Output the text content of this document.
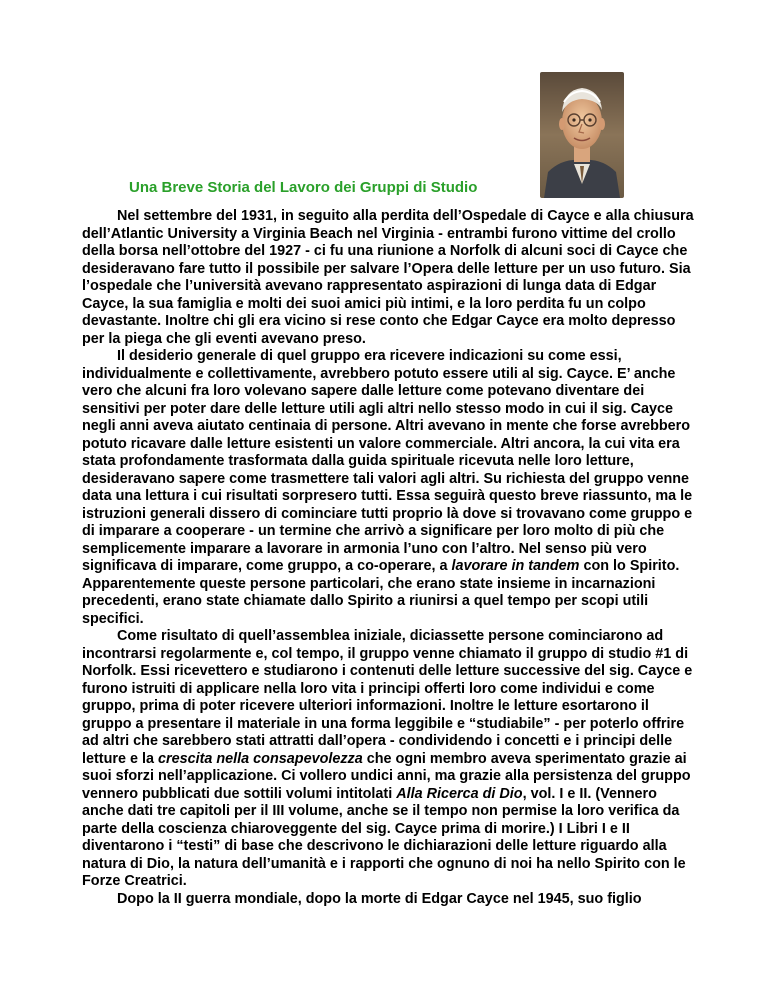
Una Breve Storia del Lavoro dei Gruppi di Studio

Nel settembre del 1931, in seguito alla perdita dell’Ospedale di Cayce e alla chiusura dell’Atlantic University a Virginia Beach nel Virginia - entrambi furono vittime del crollo della borsa nell’ottobre del 1927 - ci fu una riunione a Norfolk di alcuni soci di Cayce che desideravano fare tutto il possibile per salvare l’Opera delle letture per un uso futuro. Sia l’ospedale che l’università avevano rappresentato aspirazioni di lunga data di Edgar Cayce, la sua famiglia e molti dei suoi amici più intimi, e la loro perdita fu un colpo devastante. Inoltre chi gli era vicino si rese conto che Edgar Cayce era molto depresso per la piega che gli eventi avevano preso.

Il desiderio generale di quel gruppo era ricevere indicazioni su come essi, individualmente e collettivamente, avrebbero potuto essere utili al sig. Cayce. E’ anche vero che alcuni fra loro volevano sapere dalle letture come potevano diventare dei sensitivi per poter dare delle letture utili agli altri nello stesso modo in cui il sig. Cayce negli anni aveva aiutato centinaia di persone. Altri avevano in mente che forse avrebbero potuto ricavare dalle letture esistenti un valore commerciale. Altri ancora, la cui vita era stata profondamente trasformata dalla guida spirituale ricevuta nelle loro letture, desideravano sapere come trasmettere tali valori agli altri. Su richiesta del gruppo venne data una lettura i cui risultati sorpresero tutti. Essa seguirà questo breve riassunto, ma le istruzioni generali dissero di cominciare tutti proprio là dove si trovavano come gruppo e di imparare a cooperare - un termine che arrivò a significare per loro molto di più che semplicemente imparare a lavorare in armonia l’uno con l’altro. Nel senso più vero significava di imparare, come gruppo, a co-operare, a lavorare in tandem con lo Spirito. Apparentemente queste persone particolari, che erano state insieme in incarnazioni precedenti, erano state chiamate dallo Spirito a riunirsi a quel tempo per scopi utili specifici.

Come risultato di quell’assemblea iniziale, diciassette persone cominciarono ad incontrarsi regolarmente e, col tempo, il gruppo venne chiamato il gruppo di studio #1 di Norfolk. Essi ricevettero e studiarono i contenuti delle letture successive del sig. Cayce e furono istruiti di applicare nella loro vita i principi offerti loro come individui e come gruppo, prima di poter ricevere ulteriori informazioni. Inoltre le letture esortarono il gruppo a presentare il materiale in una forma leggibile e “studiabile” - per poterlo offrire ad altri che sarebbero stati attratti dall’opera - condividendo i concetti e i principi delle letture e la crescita nella consapevolezza che ogni membro aveva sperimentato grazie ai suoi sforzi nell’applicazione. Ci vollero undici anni, ma grazie alla persistenza del gruppo vennero pubblicati due sottili volumi intitolati Alla Ricerca di Dio, vol. I e II. (Vennero anche dati tre capitoli per il III volume, anche se il tempo non permise la loro verifica da parte della coscienza chiaroveggente del sig. Cayce prima di morire.) I Libri I e II diventarono i “testi” di base che descrivono le dichiarazioni delle letture riguardo alla natura di Dio, la natura dell’umanità e i rapporti che ognuno di noi ha nello Spirito con le Forze Creatrici.

Dopo la II guerra mondiale, dopo la morte di Edgar Cayce nel 1945, suo figlio
